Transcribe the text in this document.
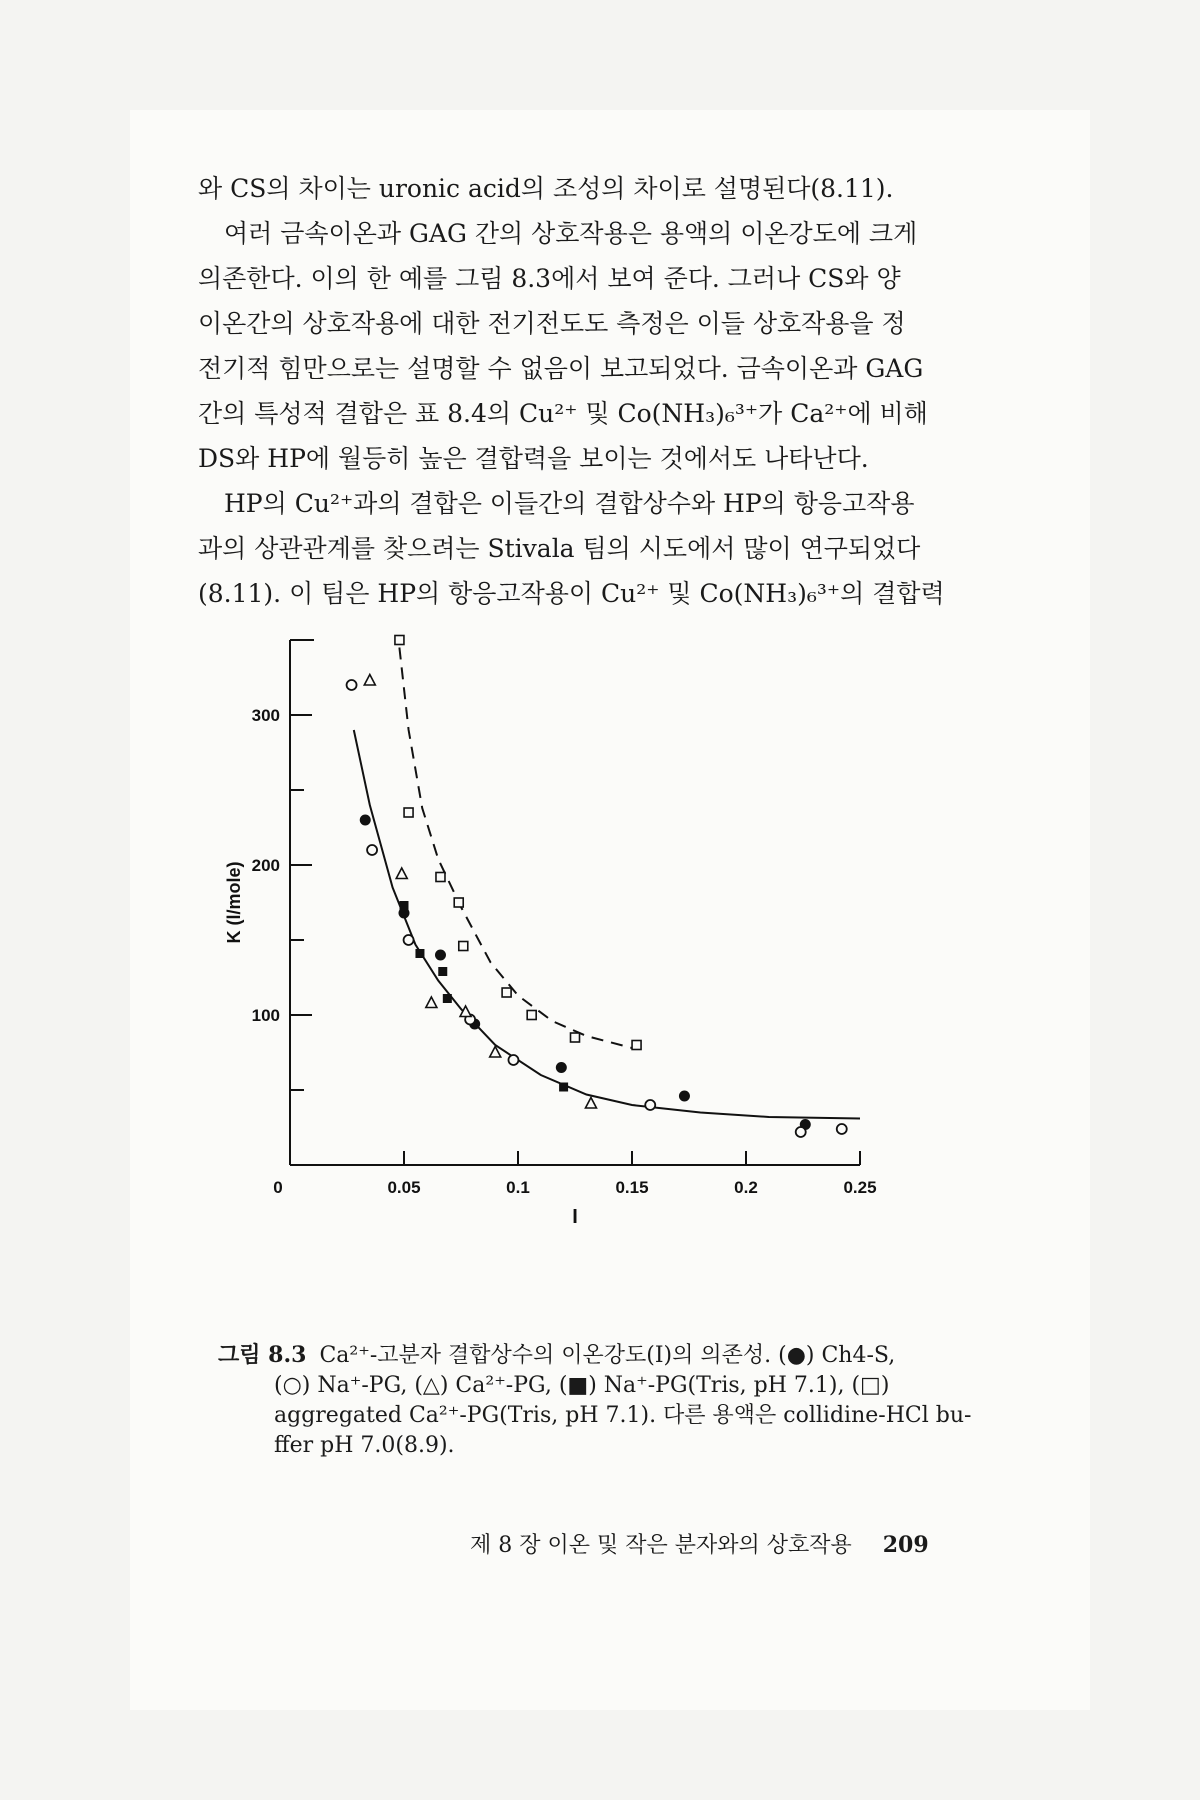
와 CS의 차이는 uronic acid의 조성의 차이로 설명된다(8.11).
여러 금속이온과 GAG 간의 상호작용은 용액의 이온강도에 크게
의존한다. 이의 한 예를 그림 8.3에서 보여 준다. 그러나 CS와 양
이온간의 상호작용에 대한 전기전도도 측정은 이들 상호작용을 정
전기적 힘만으로는 설명할 수 없음이 보고되었다. 금속이온과 GAG
간의 특성적 결합은 표 8.4의 Cu²⁺ 및 Co(NH₃)₆³⁺가 Ca²⁺에 비해
DS와 HP에 월등히 높은 결합력을 보이는 것에서도 나타난다.
HP의 Cu²⁺과의 결합은 이들간의 결합상수와 HP의 항응고작용
과의 상관관계를 찾으려는 Stivala 팀의 시도에서 많이 연구되었다
(8.11). 이 팀은 HP의 항응고작용이 Cu²⁺ 및 Co(NH₃)₆³⁺의 결합력
100
200
300
0	0.05	0.1	0.15	0.2	0.25
I
K (l/mole)
그림 8.3 Ca²⁺-고분자 결합상수의 이온강도(I)의 의존성. (●) Ch4-S,
(○) Na⁺-PG, (△) Ca²⁺-PG, (■) Na⁺-PG(Tris, pH 7.1), (□)
aggregated Ca²⁺-PG(Tris, pH 7.1). 다른 용액은 collidine-HCl bu-
ffer pH 7.0(8.9).
제 8 장 이온 및 작은 분자와의 상호작용 209
